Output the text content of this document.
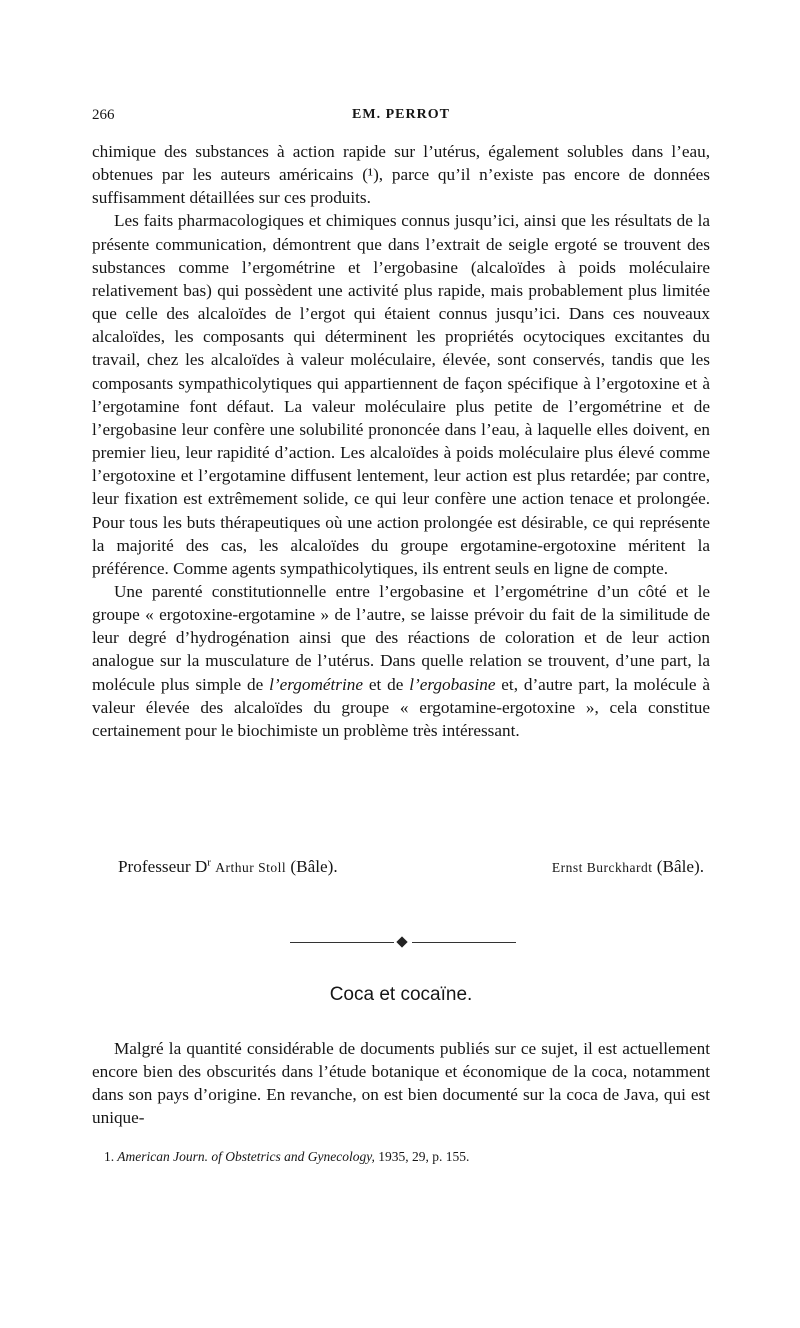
266	EM. PERROT

chimique des substances à action rapide sur l’utérus, également solubles dans l’eau, obtenues par les auteurs américains (¹), parce qu’il n’existe pas encore de données suffisamment détaillées sur ces produits.

Les faits pharmacologiques et chimiques connus jusqu’ici, ainsi que les résultats de la présente communication, démontrent que dans l’extrait de seigle ergoté se trouvent des substances comme l’ergométrine et l’ergobasine (alcaloïdes à poids moléculaire relativement bas) qui possèdent une activité plus rapide, mais probablement plus limitée que celle des alcaloïdes de l’ergot qui étaient connus jusqu’ici. Dans ces nouveaux alcaloïdes, les composants qui déterminent les propriétés ocytociques excitantes du travail, chez les alcaloïdes à valeur moléculaire, élevée, sont conservés, tandis que les composants sympathicolytiques qui appartiennent de façon spécifique à l’ergotoxine et à l’ergotamine font défaut. La valeur moléculaire plus petite de l’ergométrine et de l’ergobasine leur confère une solubilité prononcée dans l’eau, à laquelle elles doivent, en premier lieu, leur rapidité d’action. Les alcaloïdes à poids moléculaire plus élevé comme l’ergotoxine et l’ergotamine diffusent lentement, leur action est plus retardée; par contre, leur fixation est extrêmement solide, ce qui leur confère une action tenace et prolongée. Pour tous les buts thérapeutiques où une action prolongée est désirable, ce qui représente la majorité des cas, les alcaloïdes du groupe ergotamine-ergotoxine méritent la préférence. Comme agents sympathicolytiques, ils entrent seuls en ligne de compte.

Une parenté constitutionnelle entre l’ergobasine et l’ergométrine d’un côté et le groupe « ergotoxine-ergotamine » de l’autre, se laisse prévoir du fait de la similitude de leur degré d’hydrogénation ainsi que des réactions de coloration et de leur action analogue sur la musculature de l’utérus. Dans quelle relation se trouvent, d’une part, la molécule plus simple de l’ergométrine et de l’ergobasine et, d’autre part, la molécule à valeur élevée des alcaloïdes du groupe « ergotamine-ergotoxine », cela constitue certainement pour le biochimiste un problème très intéressant.

Professeur $D^r$ Arthur Stoll (Bâle).	Ernst Burckhardt (Bâle).
Coca et cocaïne.

Malgré la quantité considérable de documents publiés sur ce sujet, il est actuellement encore bien des obscurités dans l’étude botanique et économique de la coca, notamment dans son pays d’origine. En revanche, on est bien documenté sur la coca de Java, qui est unique-

1. American Journ. of Obstetrics and Gynecology, 1935, 29, p. 155.
